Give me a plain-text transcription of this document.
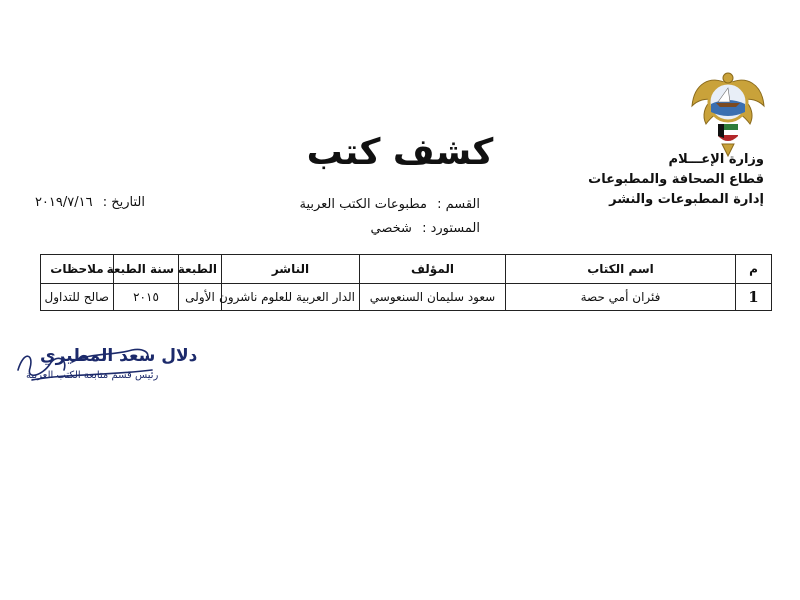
وزارة الإعـــلام
قطاع الصحافة والمطبوعات
إدارة المطبوعات والنشر
كشف كتب
القسم : مطبوعات الكتب العربية
المستورد : شخصي
التاريخ : ٢٠١٩/٧/١٦
م	اسم الكتاب	المؤلف	الناشر	الطبعة	سنة الطبعة	ملاحظات
1	فئران أمي حصة	سعود سليمان السنعوسي	الدار العربية للعلوم ناشرون	الأولى	٢٠١٥	صالح للتداول
دلال سعد المطيري
رئيس قسم متابعة الكتب العربية
